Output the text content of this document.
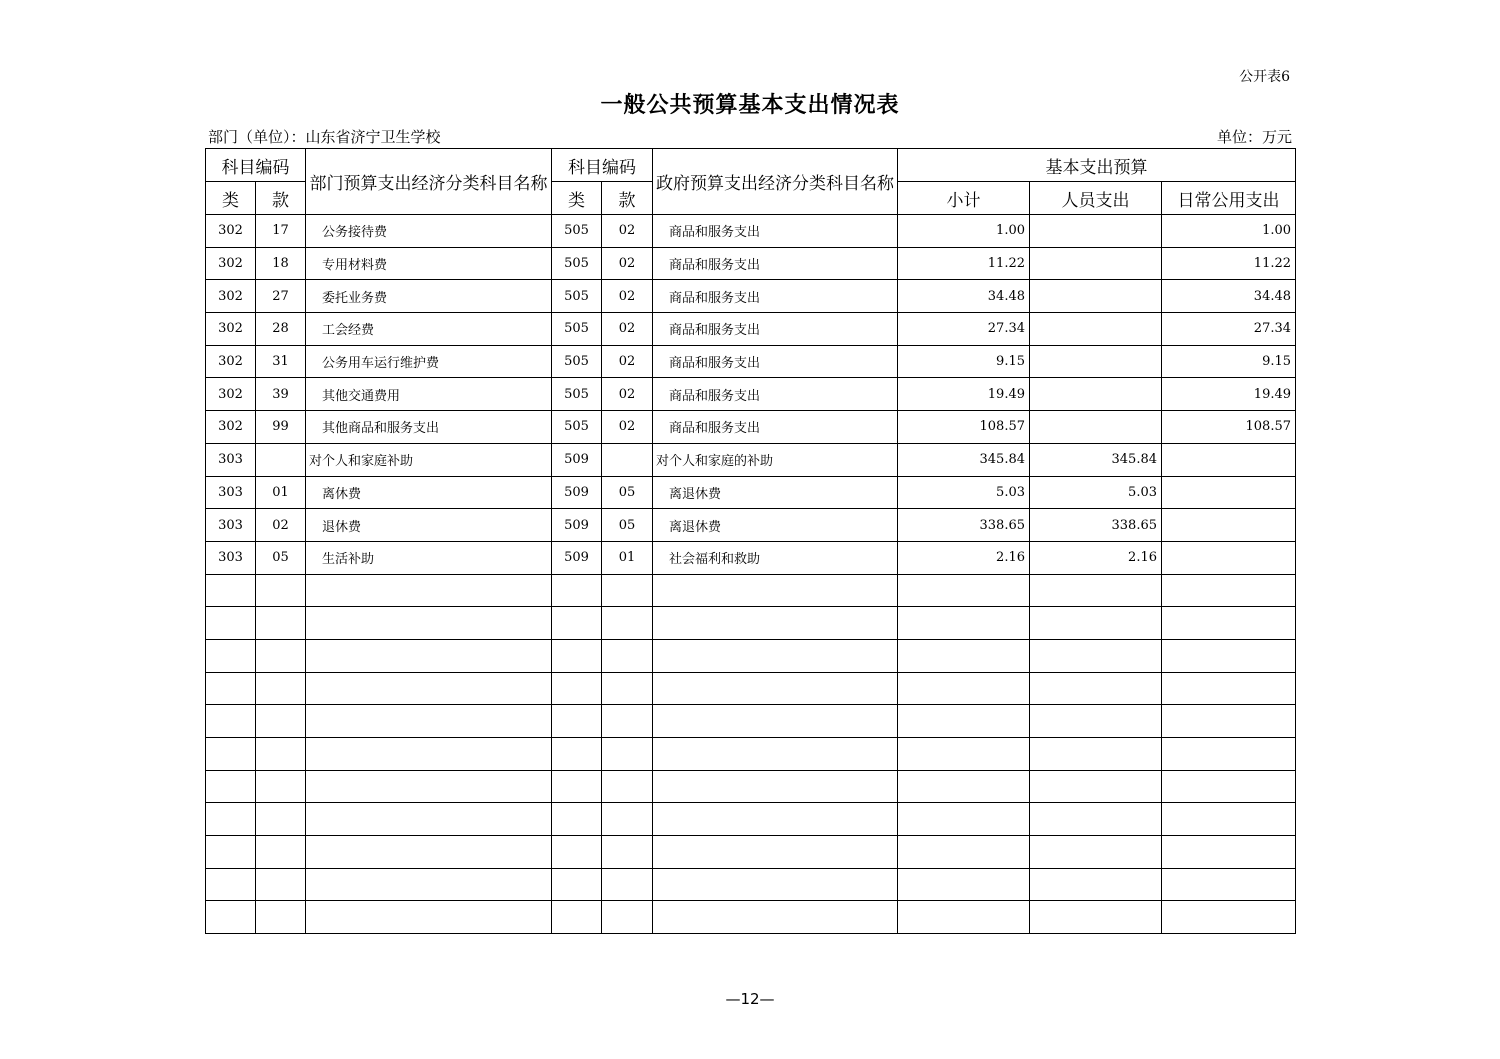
公开表6
一般公共预算基本支出情况表
部门（单位）：山东省济宁卫生学校	单位：万元
科目编码		部门预算支出经济分类科目名称	科目编码		政府预算支出经济分类科目名称	基本支出预算		
类	款		类	款		小计	人员支出	日常公用支出
302	17	公务接待费	505	02	商品和服务支出	1.00		1.00
302	18	专用材料费	505	02	商品和服务支出	11.22		11.22
302	27	委托业务费	505	02	商品和服务支出	34.48		34.48
302	28	工会经费	505	02	商品和服务支出	27.34		27.34
302	31	公务用车运行维护费	505	02	商品和服务支出	9.15		9.15
302	39	其他交通费用	505	02	商品和服务支出	19.49		19.49
302	99	其他商品和服务支出	505	02	商品和服务支出	108.57		108.57
303		对个人和家庭补助	509		对个人和家庭的补助	345.84	345.84	
303	01	离休费	509	05	离退休费	5.03	5.03	
303	02	退休费	509	05	离退休费	338.65	338.65	
303	05	生活补助	509	01	社会福利和救助	2.16	2.16	

—12—
